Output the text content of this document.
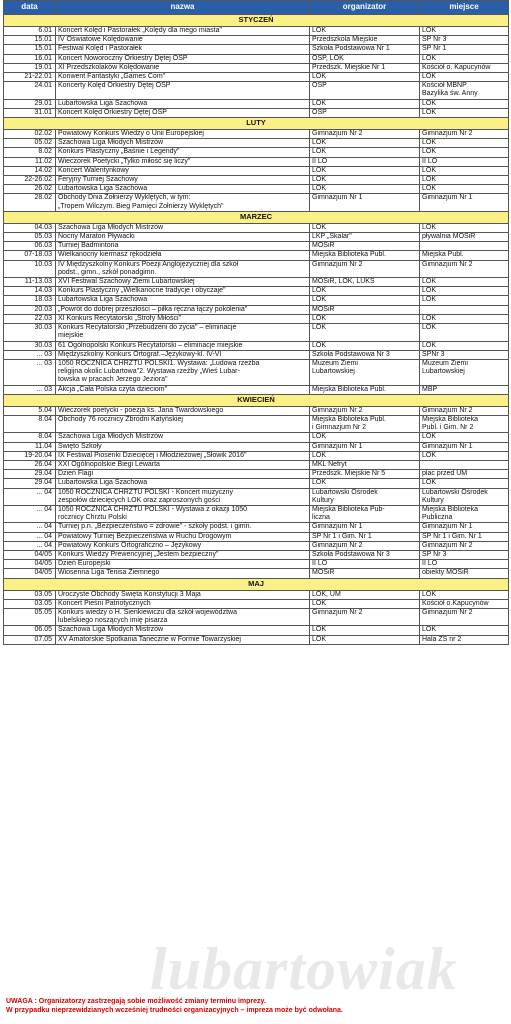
data	nazwa	organizator	miejsce
STYCZEŃ			
6.01	Koncert Kolęd i Pastorałek „Kolędy dla mego miasta"	LOK	LOK
15.01	IV Oświatowe Kolędowanie	Przedszkola Miejskie	SP Nr 3
15.01	Festiwal Kolęd i Pastorałek	Szkoła Podstawowa Nr 1	SP Nr 1
16.01	Koncert Noworoczny Orkiestry Dętej OSP	OSP, LOK	LOK
19.01	XI Przedszkolaków Kolędowanie	Przedszk. Miejskie Nr 1	Kościół o. Kapucynów
21-22.01	Konwent Fantastyki „Games Com"	LOK	LOK
24.01	Koncerty Kolęd Orkiestry Dętej OSP	OSP	Kościół MBNP
Bazylika św. Anny
29.01	Lubartowska Liga Szachowa	LOK	LOK
31.01	Koncert Kolęd Orkiestry Dętej OSP	OSP	LOK
LUTY			
02.02	Powiatowy Konkurs Wiedzy o Unii Europejskiej	Gimnazjum Nr 2	Gimnazjum Nr 2
05.02	Szachowa Liga Młodych Mistrzów	LOK	LOK
8.02	Konkurs Plastyczny „Baśnie i Legendy"	LOK	LOK
11.02	Wieczorek Poetycki „Tylko miłość się liczy"	II LO	II LO
14.02	Koncert Walentynkowy	LOK	LOK
22-26.02	Feryjny Turniej Szachowy	LOK	LOK
26.02	Lubartowska Liga Szachowa	LOK	LOK
28.02	Obchody Dnia Żołnierzy Wyklętych, w tym:
„Tropem Wilczym. Bieg Pamięci Żołnierzy Wyklętych"	Gimnazjum Nr 1	Gimnazjum Nr 1
MARZEC			
04.03	Szachowa Liga Młodych Mistrzów	LOK	LOK
05.03	Nocny Maraton Pływacki	LKP „Skalar"	pływalnia MOSiR
06.03	Turniej Badmintona	MOSiR	
07-18.03	Wielkanocny kiermasz rękodzieła	Miejska Biblioteka Publ.	Miejska Publ.
10.03	IV Międzyszkolny Konkurs Poezji Anglojęzycznej dla szkół
podst., gimn., szkół ponadgimn.	Gimnazjum Nr 2	Gimnazjum Nr 2
11-13.03	XVI Festiwal Szachowy Ziemi Lubartowskiej	MOSiR, LOK, LUKS	LOK
14.03	Konkurs Plastyczny „Wielkanocne tradycje i obyczaje"	LOK	LOK
18.03	Lubartowska Liga Szachowa	LOK	LOK
20.03	„Powrót do dobrej przeszłości – piłka ręczna łączy pokolenia"	MOSiR	
22.03	XI Konkurs Recytatorski „Strofy Miłości"	LOK	LOK
30.03	Konkurs Recytatorski „Przebudzeni do życia" – eliminacje
miejskie	LOK	LOK
30.03	61 Ogólnopolski Konkurs Recytatorski – eliminacje miejskie	LOK	LOK
... 03	Międzyszkolny Konkurs Ortograf.–Językowy-kl. IV-VI	Szkoła Podstawowa Nr 3	SPNr 3
... 03	1050 ROCZNICA CHRZTU POLSKI1. Wystawa: „Ludowa rzeźba
religijna okolic Lubartowa"2. Wystawa rzeźby „Wieś Lubar-
towska w pracach Jerzego Jeziora"	Muzeum Ziemi
Lubartowskiej	Muzeum Ziemi
Lubartowskiej
... 03	Akcja „Cała Polska czyta dzieciom"	Miejska Biblioteka Publ.	MBP
KWIECIEŃ			
5.04	Wieczorek poetycki - poezja ks. Jana Twardowskiego	Gimnazjum Nr 2	Gimnazjum Nr 2
8.04	Obchody 76 rocznicy Zbrodni Katyńskiej	Miejska Biblioteka Publ.
i Gimnazjum Nr 2	Miejska Biblioteka
Publ. i Gim. Nr 2
8.04	Szachowa Liga Młodych Mistrzów	LOK	LOK
11.04	Święto Szkoły	Gimnazjum Nr 1	Gimnazjum Nr 1
19-20.04	IX Festiwal Piosenki Dziecięcej i Młodzieżowej „Słowik 2016"	LOK	LOK
26.04	XXI Ogólnopolskie Biegi Lewarta	MKL Nefryt	
29.04	Dzień Flagi	Przedszk. Miejskie Nr 5	plac przed UM
29.04	Lubartowska Liga Szachowa	LOK	LOK
... 04	1050 ROCZNICA CHRZTU POLSKI - Koncert muzyczny
zespołów dziecięcych LOK oraz zaproszonych gości	Lubartowski Ośrodek
Kultury	Lubartowski Ośrodek
Kultury
... 04	1050 ROCZNICA CHRZTU POLSKI - Wystawa z okazji 1050
rocznicy Chrztu Polski	Miejska Biblioteka Pub-
liczna	Miejska Biblioteka
Publiczna
... 04	Turniej p.n. „Bezpieczeństwo = zdrowie" - szkoły podst. i gimn.	Gimnazjum Nr 1	Gimnazjum Nr 1
... 04	Powiatowy Turniej Bezpieczeństwa w Ruchu Drogowym	SP Nr 1 i Gim. Nr 1	SP Nr 1 i Gim. Nr 1
... 04	Powiatowy Konkurs Ortograficzno – Językowy	Gimnazjum Nr 2	Gimnazjum Nr 2
04/05	Konkurs Wiedzy Prewencyjnej „Jestem bezpieczny"	Szkoła Podstawowa Nr 3	SP Nr 3
04/05	Dzień Europejski	II LO	II LO
04/05	Wiosenna Liga Tenisa Ziemnego	MOSiR	obiekty MOSiR
MAJ			
03.05	Uroczyste Obchody Święta Konstytucji 3 Maja	LOK, UM	LOK
03.05	Koncert Pieśni Patriotycznych	LOK	Kościół o.Kapucynów
05.05	Konkurs wiedzy o H. Sienkiewiczu dla szkół województwa
lubelskiego noszących imię pisarza	Gimnazjum Nr 2	Gimnazjum Nr 2
06.05	Szachowa Liga Młodych Mistrzów	LOK	LOK
07.05	XV Amatorskie Spotkania Taneczne w Formie Towarzyskiej	LOK	Hala ZS nr 2
lubartowiak
UWAGA : Organizatorzy zastrzegają sobie możliwość zmiany terminu imprezy.
W przypadku nieprzewidzianych wcześniej trudności organizacyjnych – impreza może być odwołana.
